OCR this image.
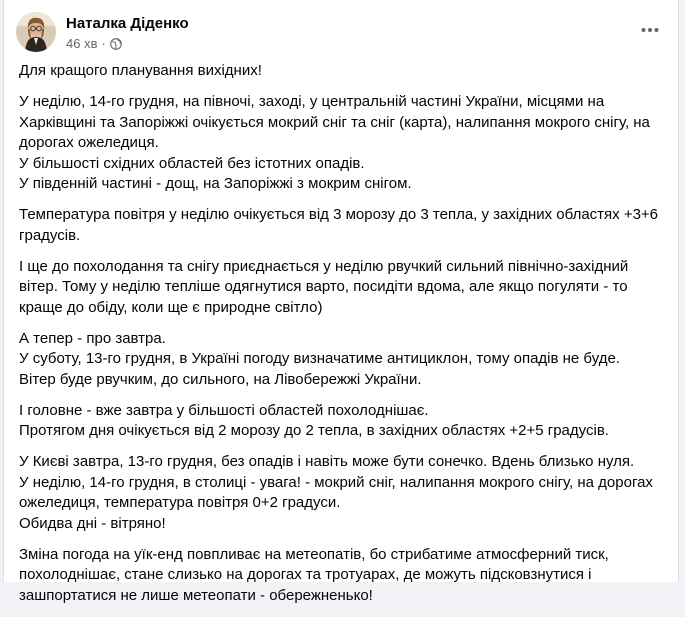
Наталка Діденко
46 хв ·

Для кращого планування вихідних!

У неділю, 14-го грудня, на півночі, заході, у центральній частині України, місцями на Харківщині та Запоріжжі очікується мокрий сніг та сніг (карта), налипання мокрого снігу, на дорогах ожеледиця.
У більшості східних областей без істотних опадів.
У південній частині - дощ, на Запоріжжі з мокрим снігом.

Температура повітря у неділю очікується від 3 морозу до 3 тепла, у західних областях +3+6 градусів.

І ще до похолодання та снігу приєднається у неділю рвучкий сильний північно-західний вітер. Тому у неділю тепліше одягнутися варто, посидіти вдома, але якщо погуляти - то краще до обіду, коли ще є природне світло)

А тепер - про завтра.
У суботу, 13-го грудня, в Україні погоду визначатиме антициклон, тому опадів не буде.
Вітер буде рвучким, до сильного, на Лівобережжі України.

І головне - вже завтра у більшості областей похолоднішає.
Протягом дня очікується від 2 морозу до 2 тепла, в західних областях +2+5 градусів.

У Києві завтра, 13-го грудня, без опадів і навіть може бути сонечко. Вдень близько нуля.
У неділю, 14-го грудня, в столиці - увага! - мокрий сніг, налипання мокрого снігу, на дорогах ожеледиця, температура повітря 0+2 градуси.
Обидва дні - вітряно!

Зміна погода на уїк-енд повпливає на метеопатів, бо стрибатиме атмосферний тиск, похолоднішає, стане слизько на дорогах та тротуарах, де можуть підсковзнутися і зашпортатися не лише метеопати - обережненько!
